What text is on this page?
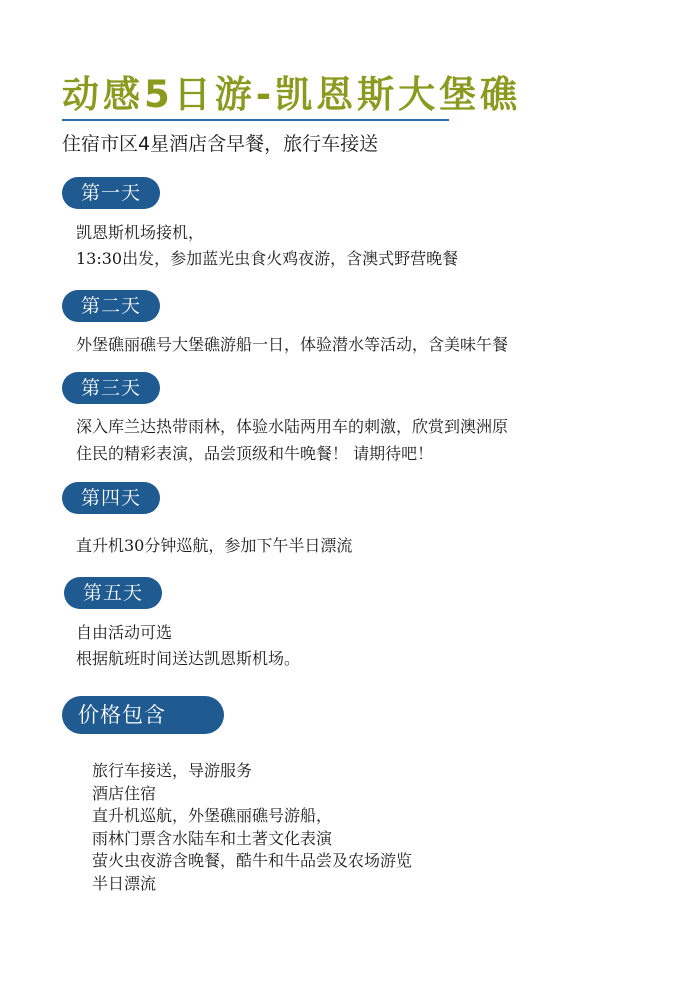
动感5日游-凯恩斯大堡礁
住宿市区4星酒店含早餐，旅行车接送
第一天
凯恩斯机场接机，
13:30出发，参加蓝光虫食火鸡夜游，含澳式野营晚餐
第二天
外堡礁丽礁号大堡礁游船一日，体验潜水等活动，含美味午餐
第三天
深入库兰达热带雨林，体验水陆两用车的刺激，欣赏到澳洲原
住民的精彩表演，品尝顶级和牛晚餐！ 请期待吧！
第四天
直升机30分钟巡航，参加下午半日漂流
第五天
自由活动可选
根据航班时间送达凯恩斯机场。
价格包含
旅行车接送，导游服务
酒店住宿
直升机巡航，外堡礁丽礁号游船，
雨林门票含水陆车和土著文化表演
萤火虫夜游含晚餐，酷牛和牛品尝及农场游览
半日漂流
